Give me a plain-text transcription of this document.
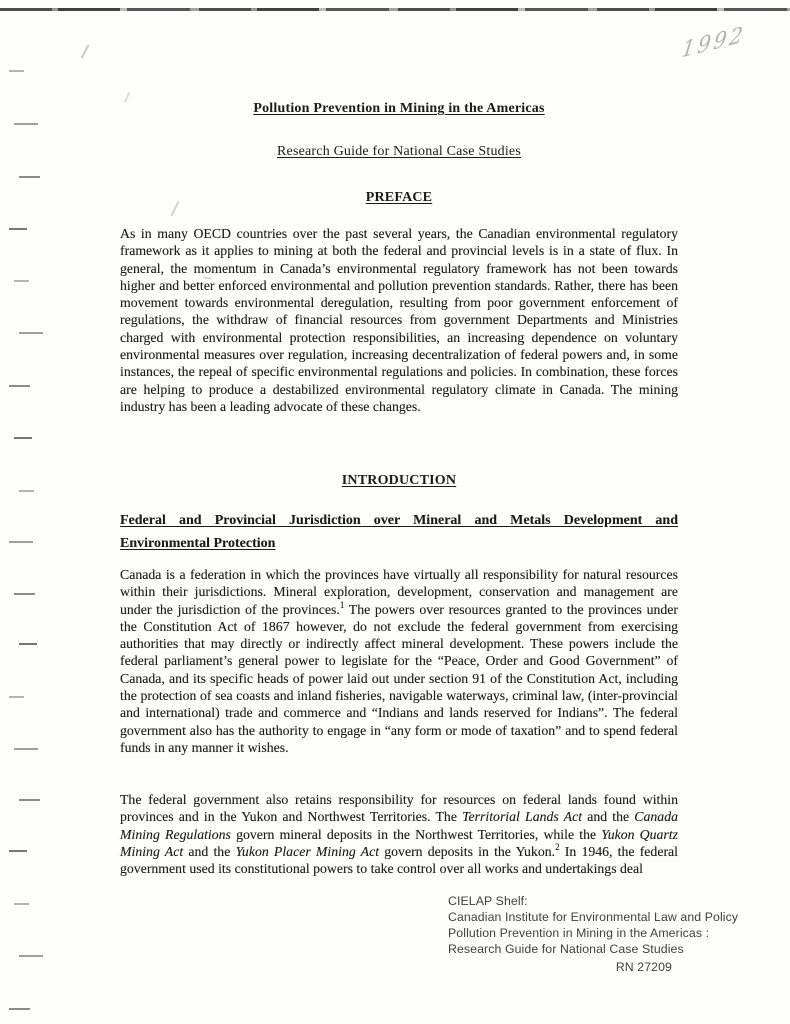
1992
Pollution Prevention in Mining in the Americas
Research Guide for National Case Studies
PREFACE
As in many OECD countries over the past several years, the Canadian environmental regulatory framework as it applies to mining at both the federal and provincial levels is in a state of flux. In general, the momentum in Canada’s environmental regulatory framework has not been towards higher and better enforced environmental and pollution prevention standards. Rather, there has been movement towards environmental deregulation, resulting from poor government enforcement of regulations, the withdraw of financial resources from government Departments and Ministries charged with environmental protection responsibilities, an increasing dependence on voluntary environmental measures over regulation, increasing decentralization of federal powers and, in some instances, the repeal of specific environmental regulations and policies. In combination, these forces are helping to produce a destabilized environmental regulatory climate in Canada. The mining industry has been a leading advocate of these changes.
INTRODUCTION
Federal and Provincial Jurisdiction over Mineral and Metals Development and
Environmental Protection
Canada is a federation in which the provinces have virtually all responsibility for natural resources within their jurisdictions. Mineral exploration, development, conservation and management are under the jurisdiction of the provinces.$^1$ The powers over resources granted to the provinces under the Constitution Act of 1867 however, do not exclude the federal government from exercising authorities that may directly or indirectly affect mineral development. These powers include the federal parliament’s general power to legislate for the “Peace, Order and Good Government” of Canada, and its specific heads of power laid out under section 91 of the Constitution Act, including the protection of sea coasts and inland fisheries, navigable waterways, criminal law, (inter-provincial and international) trade and commerce and “Indians and lands reserved for Indians”. The federal government also has the authority to engage in “any form or mode of taxation” and to spend federal funds in any manner it wishes.
The federal government also retains responsibility for resources on federal lands found within provinces and in the Yukon and Northwest Territories. The Territorial Lands Act and the Canada Mining Regulations govern mineral deposits in the Northwest Territories, while the Yukon Quartz Mining Act and the Yukon Placer Mining Act govern deposits in the Yukon.$^2$ In 1946, the federal government used its constitutional powers to take control over all works and undertakings deal
CIELAP Shelf:
Canadian Institute for Environmental Law and Policy
Pollution Prevention in Mining in the Americas :
Research Guide for National Case Studies
RN 27209
